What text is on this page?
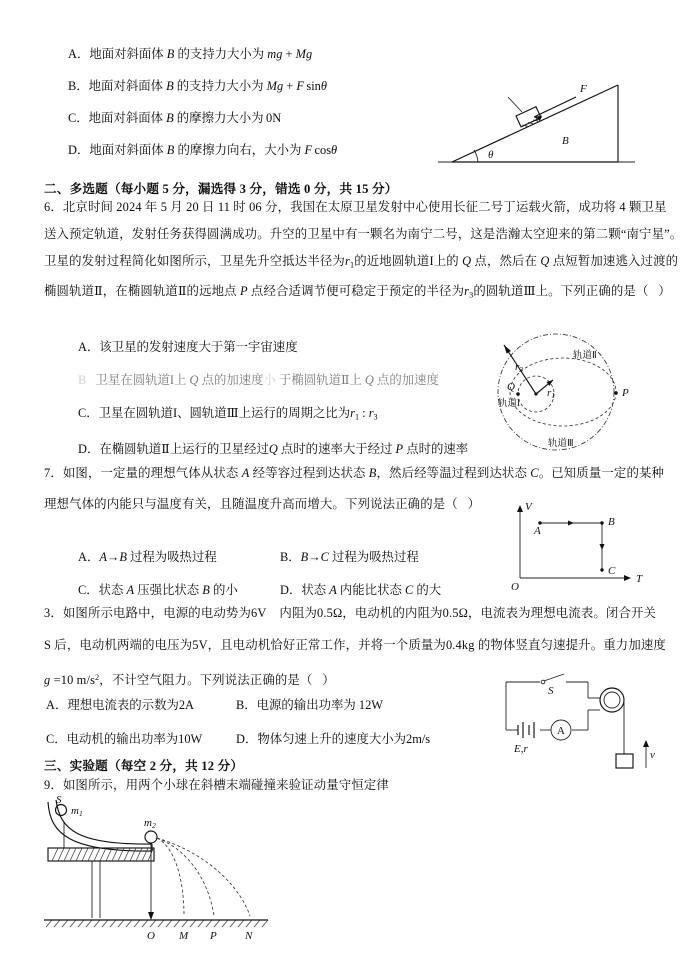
A．地面对斜面体 B 的支持力大小为 mg + Mg
B．地面对斜面体 B 的支持力大小为 Mg + F sinθ
C．地面对斜面体 B 的摩擦力大小为 0N
D．地面对斜面体 B 的摩擦力向右，大小为 F cosθ
F
θ
B
二、多选题（每小题 5 分，漏选得 3 分，错选 0 分，共 15 分）
6．北京时间 2024 年 5 月 20 日 11 时 06 分，我国在太原卫星发射中心使用长征二号丁运载火箭，成功将 4 颗卫星
送入预定轨道，发射任务获得圆满成功。升空的卫星中有一颗名为南宁二号，这是浩瀚太空迎来的第二颗“南宁星”。
卫星的发射过程简化如图所示，卫星先升空抵达半径为$r_1$的近地圆轨道I上的 Q 点，然后在 Q 点短暂加速逃入过渡的
椭圆轨道Ⅱ，在椭圆轨道Ⅱ的远地点 P 点经合适调节便可稳定于预定的半径为$r_3$的圆轨道Ⅲ上。下列正确的是（   ）
A．该卫星的发射速度大于第一宇宙速度
B   卫星在圆轨道I上 Q 点的加速度小 于椭圆轨道Ⅱ上 Q 点的加速度
C．卫星在圆轨道I、圆轨道Ⅲ上运行的周期之比为$r_1$ : $r_3$
D．在椭圆轨道Ⅱ上运行的卫星经过Q 点时的速率大于经过 P 点时的速率
r3
r1
Q	P
轨道Ⅱ
轨道I
轨道Ⅲ
7．如图，一定量的理想气体从状态 A 经等容过程到达状态 B，然后经等温过程到达状态 C。已知质量一定的某种
理想气体的内能只与温度有关，且随温度升高而增大。下列说法正确的是（   ）
A．A→B 过程为吸热过程	B．B→C 过程为吸热过程
C．状态 A 压强比状态 B 的小	D．状态 A 内能比状态 C 的大
V
T
O
A
B
C
3．如图所示电路中，电源的电动势为6V    内阻为0.5Ω，电动机的内阻为0.5Ω，电流表为理想电流表。闭合开关
S 后，电动机两端的电压为5V，且电动机恰好正常工作，并将一个质量为0.4kg 的物体竖直匀速提升。重力加速度
g =10 $m/s^2$，不计空气阻力。下列说法正确的是（   ）
A．理想电流表的示数为2A	B．电源的输出功率为 12W
C．电动机的输出功率为10W	D．物体匀速上升的速度大小为2m/s
A
S
E,r	v
三、实验题（每空 2 分，共 12 分）
9．如图所示，用两个小球在斜槽末端碰撞来验证动量守恒定律
S
m1
m2
O M P	N
